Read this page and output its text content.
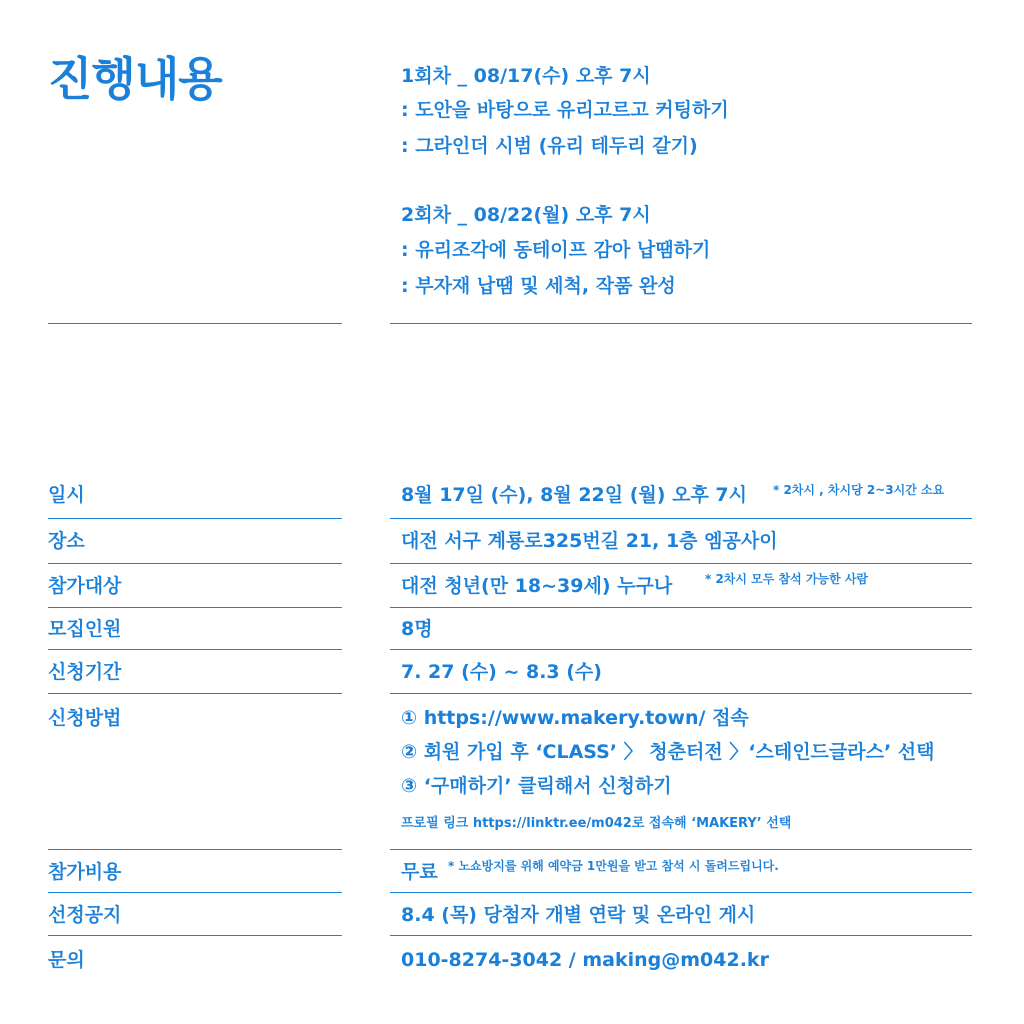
진행내용	1회차 _ 08/17(수) 오후 7시
: 도안을 바탕으로 유리고르고 커팅하기
: 그라인더 시범 (유리 테두리 갈기)
2회차 _ 08/22(월) 오후 7시
: 유리조각에 동테이프 감아 납땜하기
: 부자재 납땜 및 세척, 작품 완성
일시	8월 17일 (수), 8월 22일 (월) 오후 7시 * 2차시 , 차시당 2~3시간 소요
장소	대전 서구 계룡로325번길 21, 1층 엠공사이
참가대상	대전 청년(만 18~39세) 누구나	* 2차시 모두 참석 가능한 사람
모집인원	8명
신청기간	7. 27 (수) ~ 8.3 (수)
신청방법	① https://www.makery.town/ 접속
② 회원 가입 후 ‘CLASS’ 〉 청춘터전 〉‘스테인드글라스’ 선택
③ ‘구매하기’ 클릭해서 신청하기
프로필 링크 https://linktr.ee/m042로 접속해 ‘MAKERY’ 선택
참가비용	무료 * 노쇼방지를 위해 예약금 1만원을 받고 참석 시 돌려드립니다.
선정공지	8.4 (목) 당첨자 개별 연락 및 온라인 게시
문의	010-8274-3042 / making@m042.kr
